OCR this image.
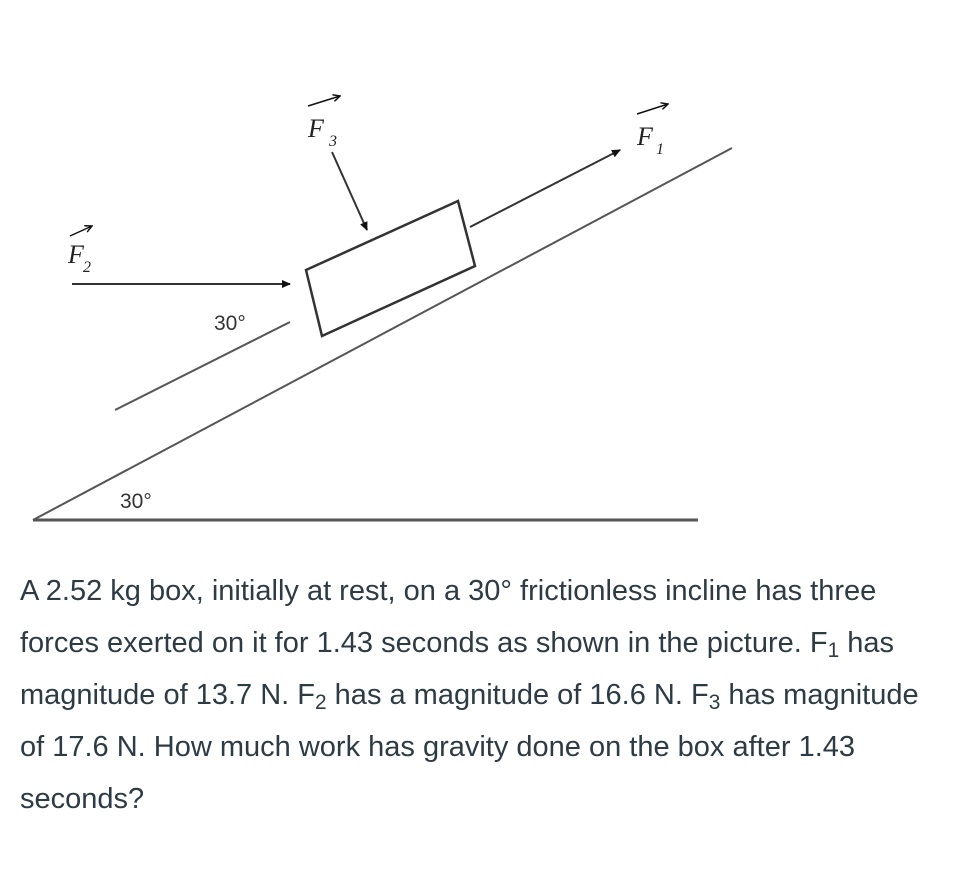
F 2
F 3	F 1
30°
30°

A 2.52 kg box, initially at rest, on a 30° frictionless incline has three forces exerted on it for 1.43 seconds as shown in the picture. $F_1$ has magnitude of 13.7 N. $F_2$ has a magnitude of 16.6 N. $F_3$ has magnitude of 17.6 N. How much work has gravity done on the box after 1.43 seconds?
